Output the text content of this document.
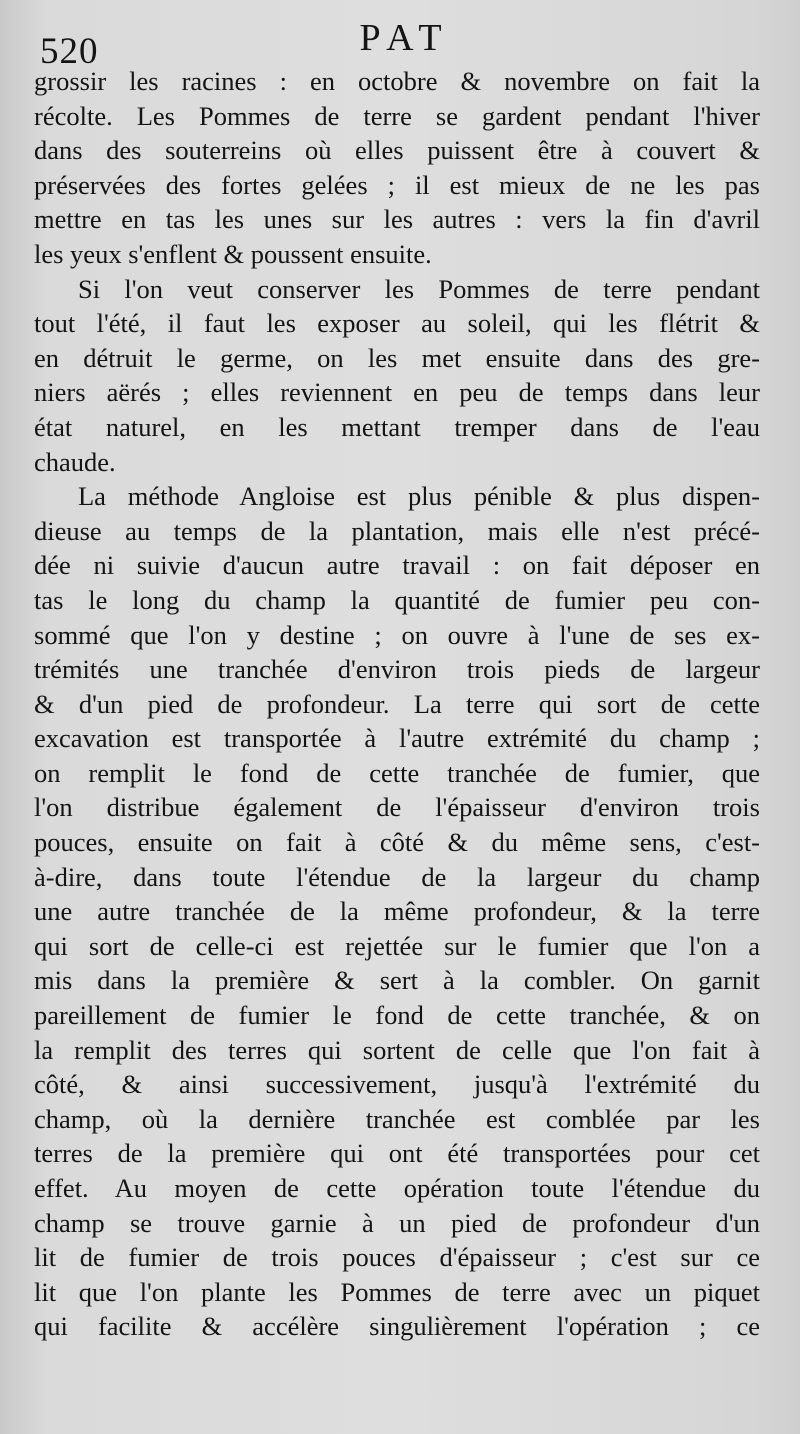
520	PAT
grossir les racines : en octobre & novembre on fait la
récolte. Les Pommes de terre se gardent pendant l'hiver
dans des souterreins où elles puissent être à couvert &
préservées des fortes gelées ; il est mieux de ne les pas
mettre en tas les unes sur les autres : vers la fin d'avril
les yeux s'enflent & poussent ensuite.
Si l'on veut conserver les Pommes de terre pendant
tout l'été, il faut les exposer au soleil, qui les flétrit &
en détruit le germe, on les met ensuite dans des gre-
niers aërés ; elles reviennent en peu de temps dans leur
état naturel, en les mettant tremper dans de l'eau
chaude.
La méthode Angloise est plus pénible & plus dispen-
dieuse au temps de la plantation, mais elle n'est précé-
dée ni suivie d'aucun autre travail : on fait déposer en
tas le long du champ la quantité de fumier peu con-
sommé que l'on y destine ; on ouvre à l'une de ses ex-
trémités une tranchée d'environ trois pieds de largeur
& d'un pied de profondeur. La terre qui sort de cette
excavation est transportée à l'autre extrémité du champ ;
on remplit le fond de cette tranchée de fumier, que
l'on distribue également de l'épaisseur d'environ trois
pouces, ensuite on fait à côté & du même sens, c'est-
à-dire, dans toute l'étendue de la largeur du champ
une autre tranchée de la même profondeur, & la terre
qui sort de celle-ci est rejettée sur le fumier que l'on a
mis dans la première & sert à la combler. On garnit
pareillement de fumier le fond de cette tranchée, & on
la remplit des terres qui sortent de celle que l'on fait à
côté, & ainsi successivement, jusqu'à l'extrémité du
champ, où la dernière tranchée est comblée par les
terres de la première qui ont été transportées pour cet
effet. Au moyen de cette opération toute l'étendue du
champ se trouve garnie à un pied de profondeur d'un
lit de fumier de trois pouces d'épaisseur ; c'est sur ce
lit que l'on plante les Pommes de terre avec un piquet
qui facilite & accélère singulièrement l'opération ; ce
